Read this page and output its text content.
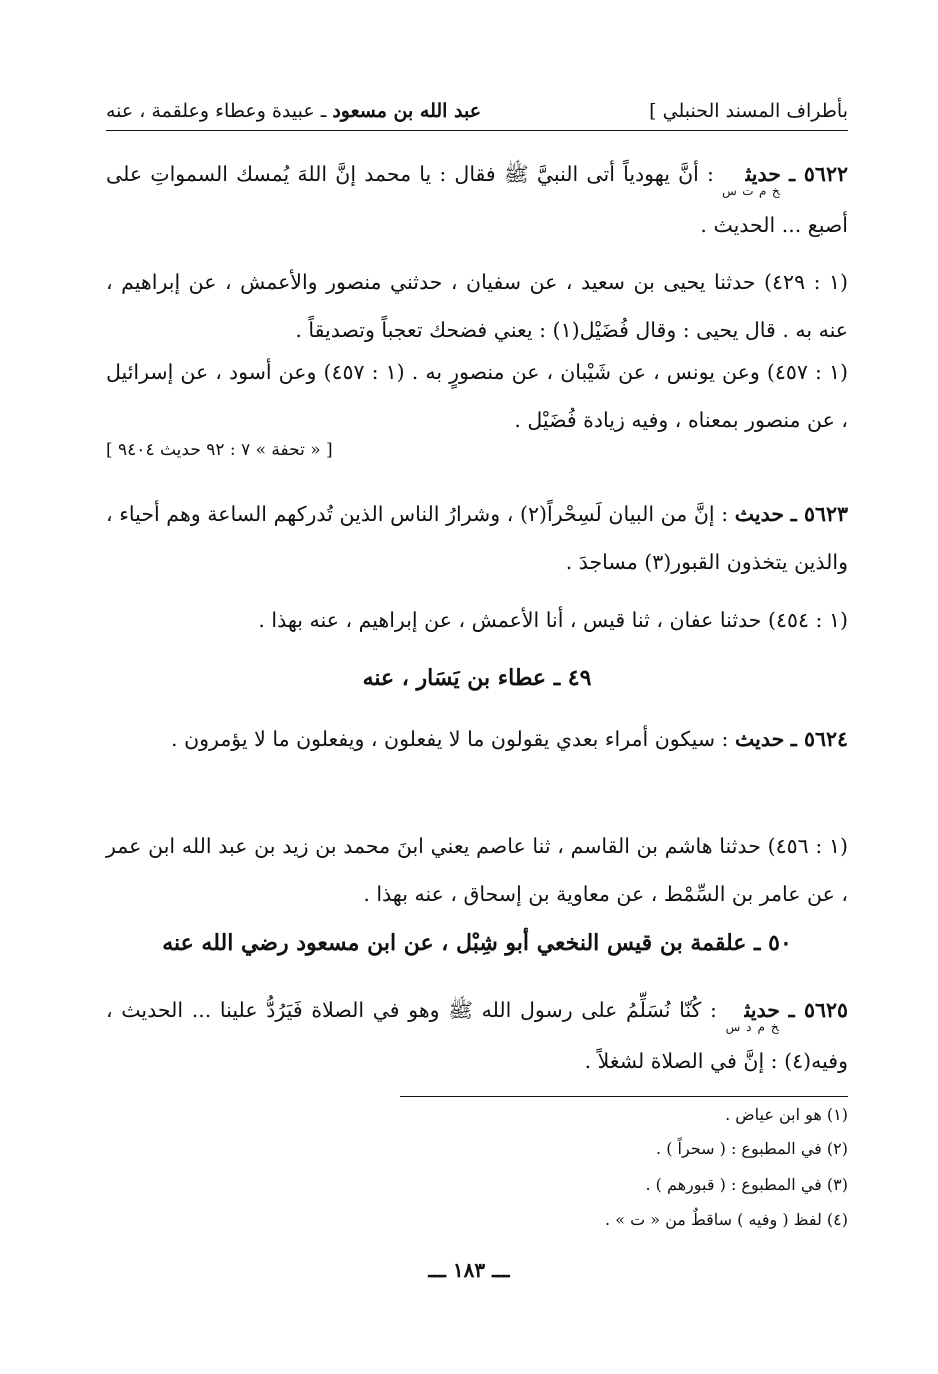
بأطراف المسند الحنبلي ]
عبد الله بن مسعود ـ عبيدة وعطاء وعلقمة ، عنه
٥٦٢٢ ـ حديث$_{خ م ت س}$ : أنَّ يهودياً أتى النبيَّ ﷺ فقال : يا محمد إنَّ اللهَ يُمسك السمواتِ على أصبع ... الحديث .
(١ : ٤٢٩) حدثنا يحيى بن سعيد ، عن سفيان ، حدثني منصور والأعمش ، عن إبراهيم ، عنه به . قال يحيى : وقال فُضَيْل(١) : يعني فضحك تعجباً وتصديقاً .
(١ : ٤٥٧) وعن يونس ، عن شَيْبان ، عن منصورٍ به . (١ : ٤٥٧) وعن أسود ، عن إسرائيل ، عن منصور بمعناه ، وفيه زيادة فُضَيْل .
[ « تحفة » ٧ : ٩٢ حديث ٩٤٠٤ ]
٥٦٢٣ ـ حديث : إنَّ من البيان لَسِحْراً(٢) ، وشرارُ الناس الذين تُدركهم الساعة وهم أحياء ، والذين يتخذون القبور(٣) مساجدَ .
(١ : ٤٥٤) حدثنا عفان ، ثنا قيس ، أنا الأعمش ، عن إبراهيم ، عنه بهذا .
٤٩ ـ عطاء بن يَسَار ، عنه
٥٦٢٤ ـ حديث : سيكون أمراء بعدي يقولون ما لا يفعلون ، ويفعلون ما لا يؤمرون .
(١ : ٤٥٦) حدثنا هاشم بن القاسم ، ثنا عاصم يعني ابنَ محمد بن زيد بن عبد الله ابن عمر ، عن عامر بن السِّمْط ، عن معاوية بن إسحاق ، عنه بهذا .
٥٠ ـ علقمة بن قيس النخعي أبو شِبْل ، عن ابن مسعود رضي الله عنه
٥٦٢٥ ـ حديث$_{خ م د س}$ : كُنّا نُسَلِّمُ على رسول الله ﷺ وهو في الصلاة فَيَرُدُّ علينا ... الحديث ، وفيه(٤) : إنَّ في الصلاة لشغلاً .
(١) هو ابن عياض .
(٢) في المطبوع : ( سحراً ) .
(٣) في المطبوع : ( قبورهم ) .
(٤) لفظ ( وفيه ) ساقطٌ من « ت » .
ـــ ١٨٣ ـــ
